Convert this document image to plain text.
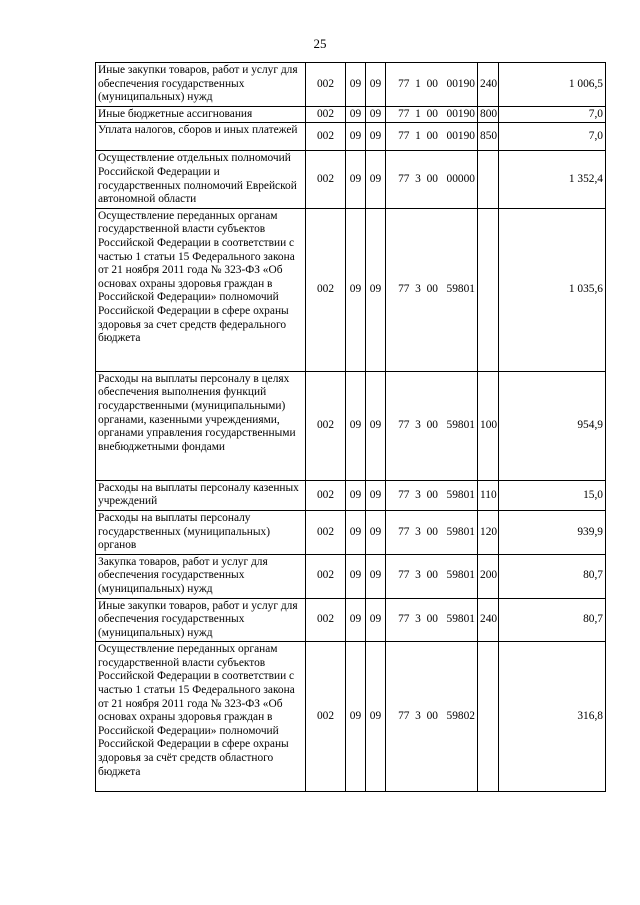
25
Иные закупки товаров, работ и услуг для обеспечения государственных (муниципальных) нужд	002	09	09	77 1 00 00190	240	1 006,5
Иные бюджетные ассигнования	002	09	09	77 1 00 00190	800	7,0
Уплата налогов, сборов и иных платежей	002	09	09	77 1 00 00190	850	7,0
Осуществление отдельных полномочий Российской Федерации и государственных полномочий Еврейской автономной области	002	09	09	77 3 00 00000		1 352,4
Осуществление переданных органам государственной власти субъектов Российской Федерации в соответствии с частью 1 статьи 15 Федерального закона от 21 ноября 2011 года № 323-ФЗ «Об основах охраны здоровья граждан в Российской Федерации» полномочий Российской Федерации в сфере охраны здоровья за счет средств федерального бюджета	002	09	09	77 3 00 59801		1 035,6
Расходы на выплаты персоналу в целях обеспечения выполнения функций государственными (муниципальными) органами, казенными учреждениями, органами управления государственными внебюджетными фондами	002	09	09	77 3 00 59801	100	954,9
Расходы на выплаты персоналу казенных учреждений	002	09	09	77 3 00 59801	110	15,0
Расходы на выплаты персоналу государственных (муниципальных) органов	002	09	09	77 3 00 59801	120	939,9
Закупка товаров, работ и услуг для обеспечения государственных (муниципальных) нужд	002	09	09	77 3 00 59801	200	80,7
Иные закупки товаров, работ и услуг для обеспечения государственных (муниципальных) нужд	002	09	09	77 3 00 59801	240	80,7
Осуществление переданных органам государственной власти субъектов Российской Федерации в соответствии с частью 1 статьи 15 Федерального закона от 21 ноября 2011 года № 323-ФЗ «Об основах охраны здоровья граждан в Российской Федерации» полномочий Российской Федерации в сфере охраны здоровья за счёт средств областного бюджета	002	09	09	77 3 00 59802		316,8
